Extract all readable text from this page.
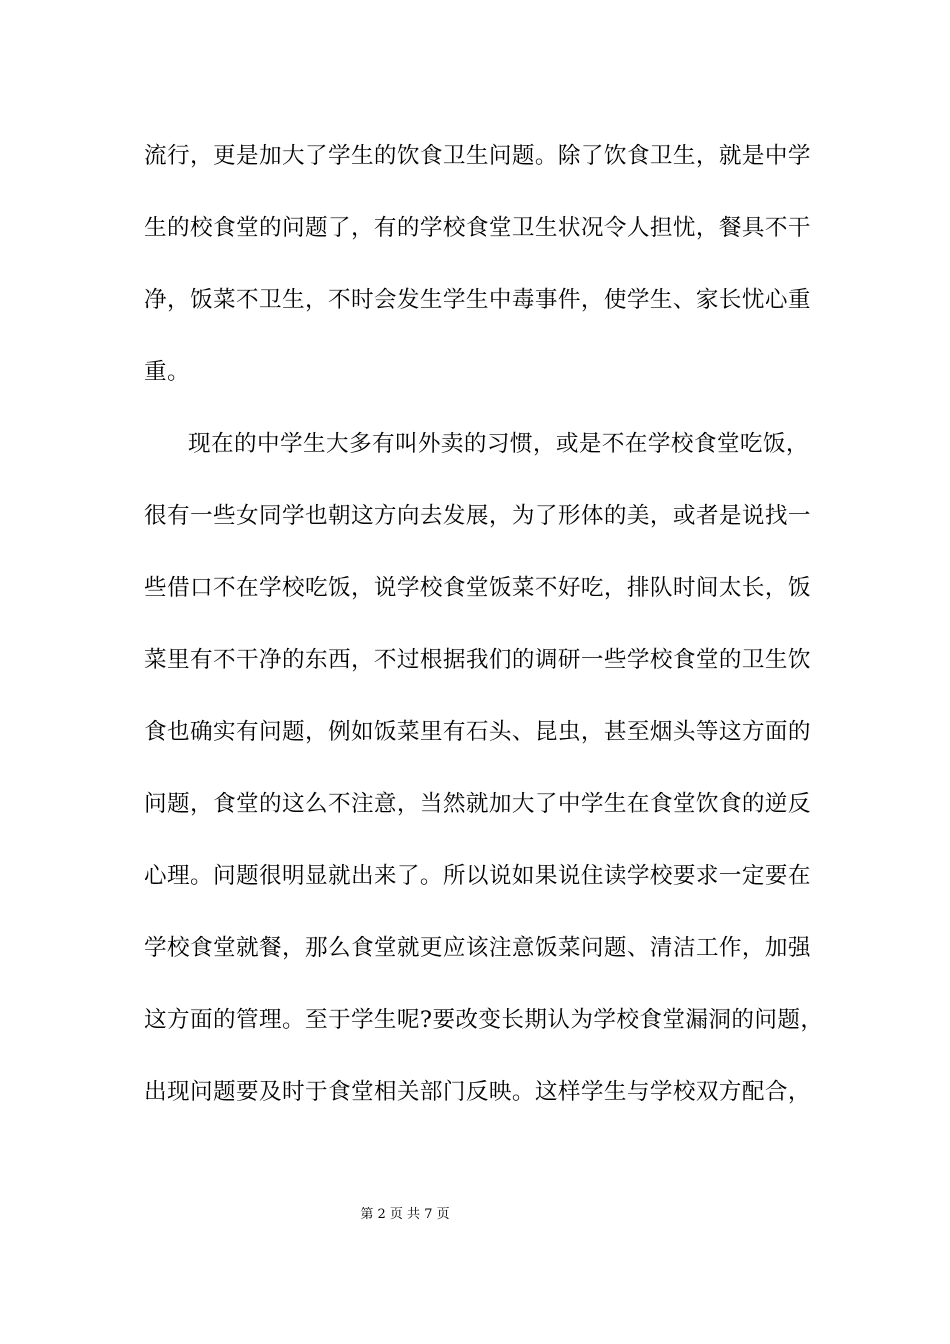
流行，更是加大了学生的饮食卫生问题。除了饮食卫生，就是中学
生的校食堂的问题了，有的学校食堂卫生状况令人担忧，餐具不干
净，饭菜不卫生，不时会发生学生中毒事件，使学生、家长忧心重
重。
现在的中学生大多有叫外卖的习惯，或是不在学校食堂吃饭，
很有一些女同学也朝这方向去发展，为了形体的美，或者是说找一
些借口不在学校吃饭，说学校食堂饭菜不好吃，排队时间太长，饭
菜里有不干净的东西，不过根据我们的调研一些学校食堂的卫生饮
食也确实有问题，例如饭菜里有石头、昆虫，甚至烟头等这方面的
问题，食堂的这么不注意，当然就加大了中学生在食堂饮食的逆反
心理。问题很明显就出来了。所以说如果说住读学校要求一定要在
学校食堂就餐，那么食堂就更应该注意饭菜问题、清洁工作，加强
这方面的管理。至于学生呢?要改变长期认为学校食堂漏洞的问题，
出现问题要及时于食堂相关部门反映。这样学生与学校双方配合，
第 2 页 共 7 页
